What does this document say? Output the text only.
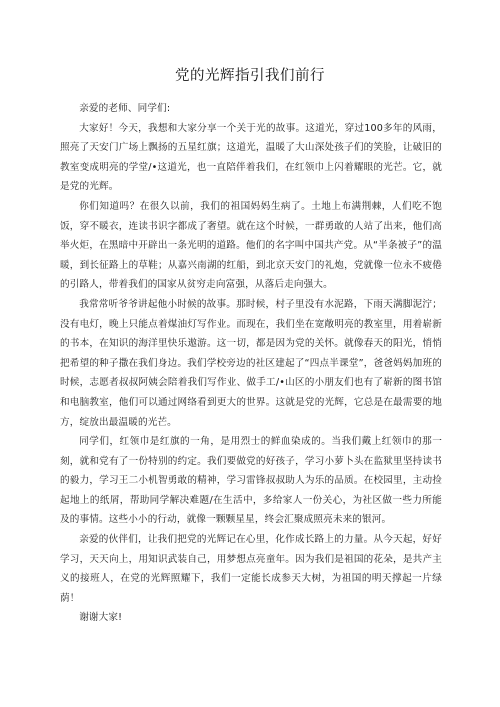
党的光辉指引我们前行

亲爱的老师、同学们:

大家好！今天，我想和大家分享一个关于光的故事。这道光，穿过100多年的风雨，照亮了天安门广场上飘扬的五星红旗；这道光，温暖了大山深处孩子们的笑脸，让破旧的教室变成明亮的学堂/•这道光，也一直陪伴着我们，在红领巾上闪着耀眼的光芒。它，就是党的光辉。

你们知道吗？在很久以前，我们的祖国妈妈生病了。土地上布满荆棘，人们吃不饱饭，穿不暖衣，连读书识字都成了奢望。就在这个时候，一群勇敢的人站了出来，他们高举火炬，在黑暗中开辟出一条光明的道路。他们的名字叫中国共产党。从“半条被子”的温暖，到长征路上的草鞋；从嘉兴南湖的红船，到北京天安门的礼炮，党就像一位永不疲倦的引路人，带着我们的国家从贫穷走向富强，从落后走向强大。

我常常听爷爷讲起他小时候的故事。那时候，村子里没有水泥路，下雨天满脚泥泞；没有电灯，晚上只能点着煤油灯写作业。而现在，我们坐在宽敞明亮的教室里，用着崭新的书本，在知识的海洋里快乐遨游。这一切，都是因为党的关怀。就像春天的阳光，悄悄把希望的种子撒在我们身边。我们学校旁边的社区建起了“四点半课堂”，爸爸妈妈加班的时候，志愿者叔叔阿姨会陪着我们写作业、做手工/•山区的小朋友们也有了崭新的图书馆和电脑教室，他们可以通过网络看到更大的世界。这就是党的光辉，它总是在最需要的地方，绽放出最温暖的光芒。

同学们，红领巾是红旗的一角，是用烈士的鲜血染成的。当我们戴上红领巾的那一刻，就和党有了一份特别的约定。我们要做党的好孩子，学习小萝卜头在监狱里坚持读书的毅力，学习王二小机智勇敢的精神，学习雷锋叔叔助人为乐的品质。在校园里，主动捡起地上的纸屑，帮助同学解决难题/在生活中，多给家人一份关心，为社区做一些力所能及的事情。这些小小的行动，就像一颗颗星星，终会汇聚成照亮未来的银河。

亲爱的伙伴们，让我们把党的光辉记在心里，化作成长路上的力量。从今天起，好好学习，天天向上，用知识武装自己，用梦想点亮童年。因为我们是祖国的花朵，是共产主义的接班人，在党的光辉照耀下，我们一定能长成参天大树，为祖国的明天撑起一片绿荫！

谢谢大家!
